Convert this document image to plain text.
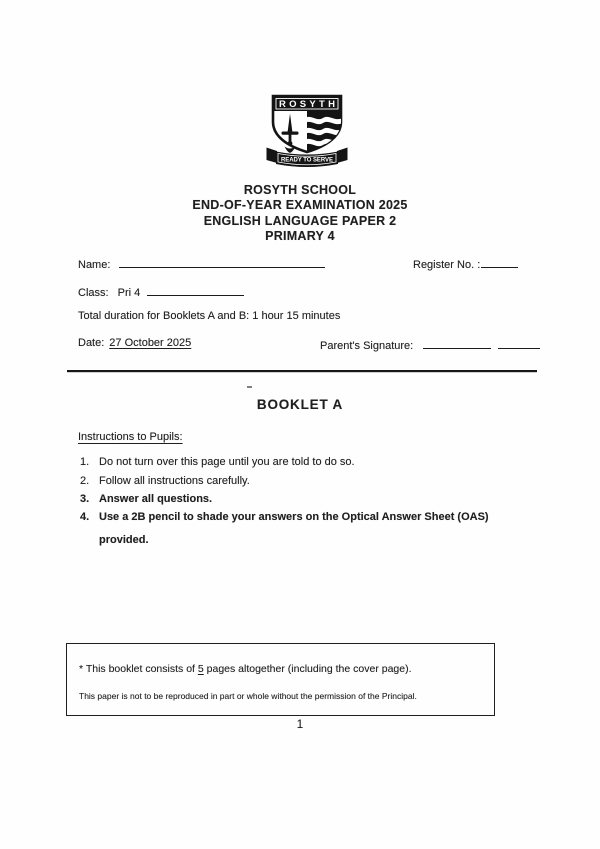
ROSYTH
READY TO SERVE
ROSYTH SCHOOL
END-OF-YEAR EXAMINATION 2025
ENGLISH LANGUAGE PAPER 2
PRIMARY 4
Name:	Register No. :
Class: Pri 4
Total duration for Booklets A and B: 1 hour 15 minutes
Date: 27 October 2025	Parent's Signature:
BOOKLET A
Instructions to Pupils:
1. Do not turn over this page until you are told to do so.
2. Follow all instructions carefully.
3. Answer all questions.
4. Use a 2B pencil to shade your answers on the Optical Answer Sheet (OAS)
provided.
* This booklet consists of 5 pages altogether (including the cover page).
This paper is not to be reproduced in part or whole without the permission of the Principal.
1
